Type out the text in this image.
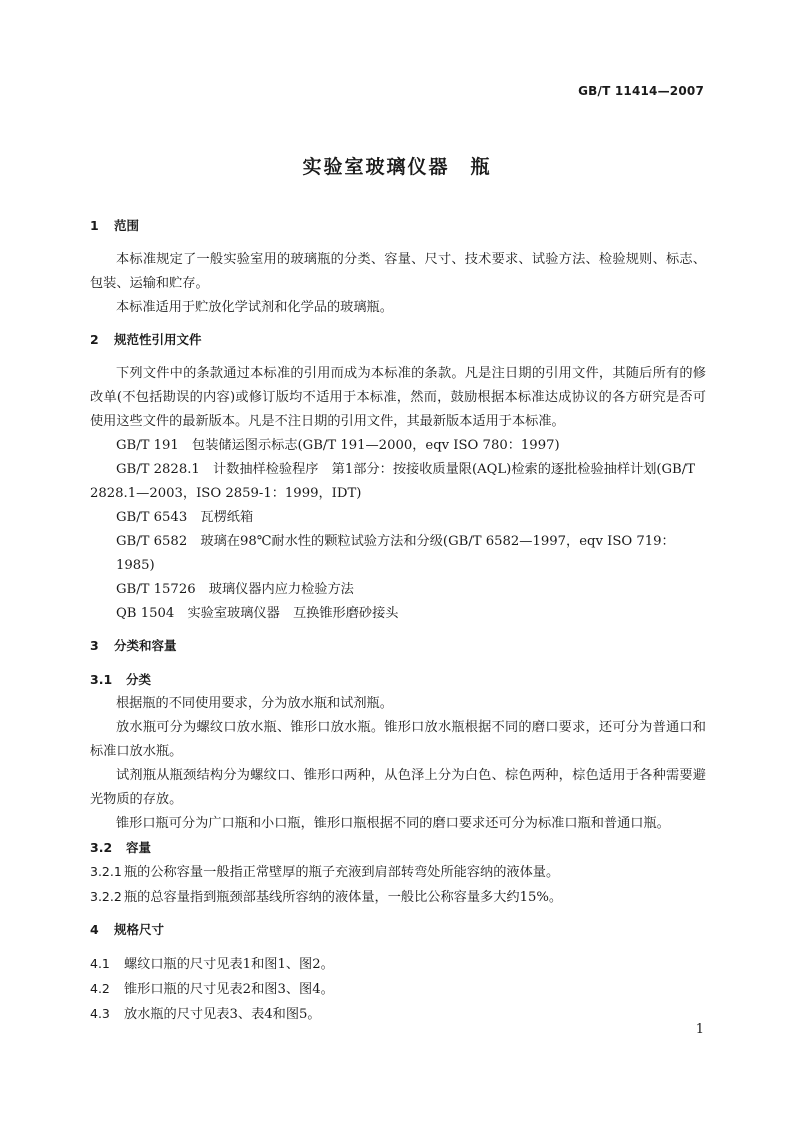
GB/T 11414—2007
实验室玻璃仪器　瓶
1 范围
本标准规定了一般实验室用的玻璃瓶的分类、容量、尺寸、技术要求、试验方法、检验规则、标志、包装、运输和贮存。
本标准适用于贮放化学试剂和化学品的玻璃瓶。
2 规范性引用文件
下列文件中的条款通过本标准的引用而成为本标准的条款。凡是注日期的引用文件，其随后所有的修改单(不包括勘误的内容)或修订版均不适用于本标准，然而，鼓励根据本标准达成协议的各方研究是否可使用这些文件的最新版本。凡是不注日期的引用文件，其最新版本适用于本标准。
GB/T 191　包装储运图示标志(GB/T 191—2000，eqv ISO 780：1997)
GB/T 2828.1　计数抽样检验程序　第1部分：按接收质量限(AQL)检索的逐批检验抽样计划(GB/T 2828.1—2003，ISO 2859-1：1999，IDT)
GB/T 6543　瓦楞纸箱
GB/T 6582　玻璃在98℃耐水性的颗粒试验方法和分级(GB/T 6582—1997，eqv ISO 719：1985)
GB/T 15726　玻璃仪器内应力检验方法
QB 1504　实验室玻璃仪器　互换锥形磨砂接头
3 分类和容量
3.1 分类
根据瓶的不同使用要求，分为放水瓶和试剂瓶。
放水瓶可分为螺纹口放水瓶、锥形口放水瓶。锥形口放水瓶根据不同的磨口要求，还可分为普通口和标准口放水瓶。
试剂瓶从瓶颈结构分为螺纹口、锥形口两种，从色泽上分为白色、棕色两种，棕色适用于各种需要避光物质的存放。
锥形口瓶可分为广口瓶和小口瓶，锥形口瓶根据不同的磨口要求还可分为标准口瓶和普通口瓶。
3.2 容量
3.2.1 瓶的公称容量一般指正常壁厚的瓶子充液到肩部转弯处所能容纳的液体量。
3.2.2 瓶的总容量指到瓶颈部基线所容纳的液体量，一般比公称容量多大约15%。
4 规格尺寸
4.1 螺纹口瓶的尺寸见表1和图1、图2。
4.2 锥形口瓶的尺寸见表2和图3、图4。
4.3 放水瓶的尺寸见表3、表4和图5。
1
